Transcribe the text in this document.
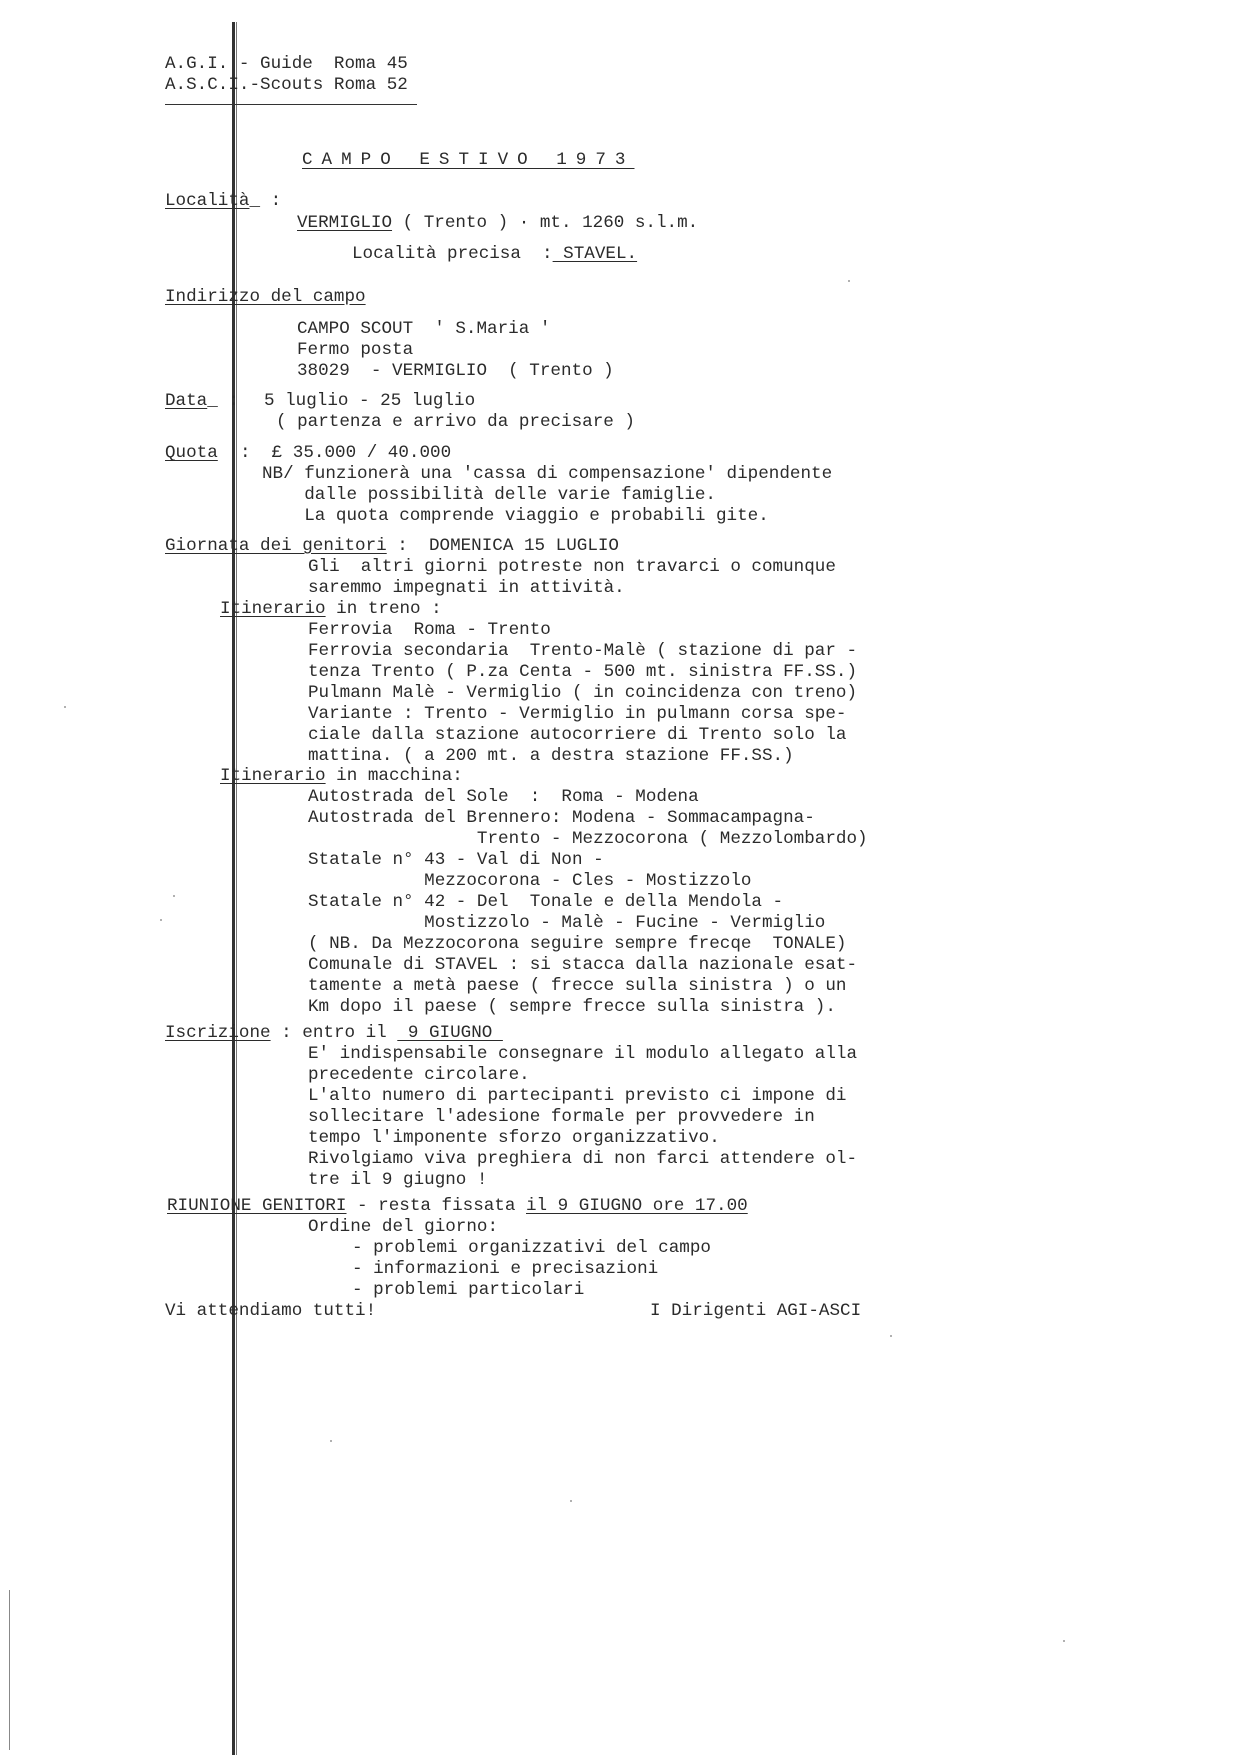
A.G.I. - Guide  Roma 45
A.S.C.I.-Scouts Roma 52
CAMPO ESTIVO 1973
Località_ :
VERMIGLIO ( Trento ) · mt. 1260 s.l.m.
Località precisa  : STAVEL.
Indirizzo del campo
CAMPO SCOUT  ' S.Maria '
Fermo posta
38029  - VERMIGLIO  ( Trento )
Data_ : 5 luglio - 25 luglio
( partenza e arrivo da precisare )
Quota :  £ 35.000 / 40.000
NB/ funzionerà una 'cassa di compensazione' dipendente
dalle possibilità delle varie famiglie.
La quota comprende viaggio e probabili gite.
Giornata dei genitori :  DOMENICA 15 LUGLIO
Gli  altri giorni potreste non travarci o comunque
saremmo impegnati in attività.
Itinerario in treno :
Ferrovia  Roma - Trento
Ferrovia secondaria  Trento-Malè ( stazione di par -
tenza Trento ( P.za Centa - 500 mt. sinistra FF.SS.)
Pulmann Malè - Vermiglio ( in coincidenza con treno)
Variante : Trento - Vermiglio in pulmann corsa spe-
ciale dalla stazione autocorriere di Trento solo la
mattina. ( a 200 mt. a destra stazione FF.SS.)
Itinerario in macchina:
Autostrada del Sole  :  Roma - Modena
Autostrada del Brennero: Modena - Sommacampagna-
Trento - Mezzocorona ( Mezzolombardo)
Statale n° 43 - Val di Non -
Mezzocorona - Cles - Mostizzolo
Statale n° 42 - Del  Tonale e della Mendola -
Mostizzolo - Malè - Fucine - Vermiglio
( NB. Da Mezzocorona seguire sempre frecqe  TONALE)
Comunale di STAVEL : si stacca dalla nazionale esat-
tamente a metà paese ( frecce sulla sinistra ) o un
Km dopo il paese ( sempre frecce sulla sinistra ).
Iscrizione : entro il  9 GIUGNO
E' indispensabile consegnare il modulo allegato alla
precedente circolare.
L'alto numero di partecipanti previsto ci impone di
sollecitare l'adesione formale per provvedere in
tempo l'imponente sforzo organizzativo.
Rivolgiamo viva preghiera di non farci attendere ol-
tre il 9 giugno !
RIUNIONE GENITORI - resta fissata il 9 GIUGNO ore 17.00
Ordine del giorno:
- problemi organizzativi del campo
- informazioni e precisazioni
- problemi particolari
Vi attendiamo tutti!	I Dirigenti AGI-ASCI
